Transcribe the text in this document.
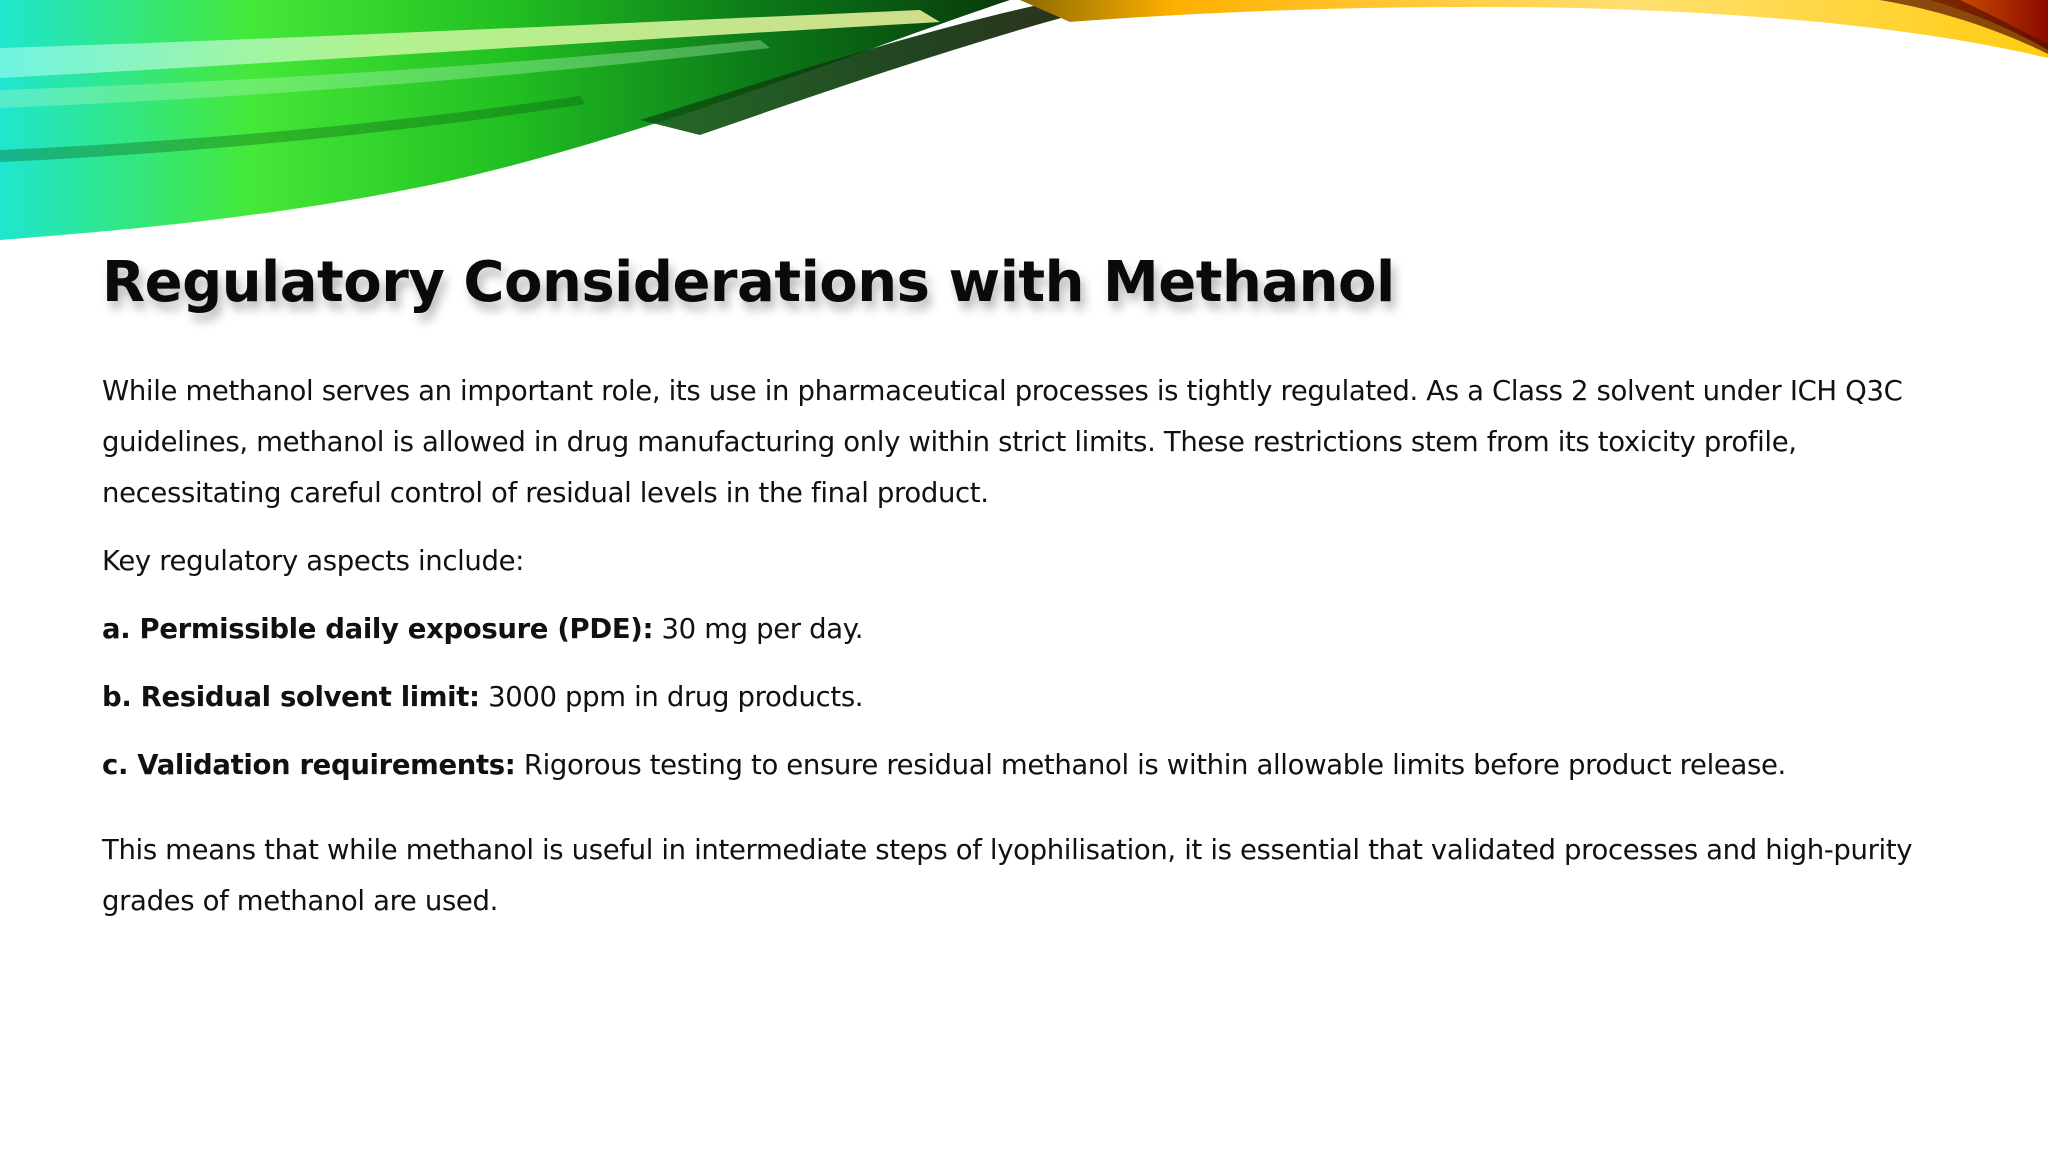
Regulatory Considerations with Methanol

While methanol serves an important role, its use in pharmaceutical processes is tightly regulated. As a Class 2 solvent under ICH Q3C guidelines, methanol is allowed in drug manufacturing only within strict limits. These restrictions stem from its toxicity profile, necessitating careful control of residual levels in the final product.

Key regulatory aspects include:

a. Permissible daily exposure (PDE): 30 mg per day.

b. Residual solvent limit: 3000 ppm in drug products.

c. Validation requirements: Rigorous testing to ensure residual methanol is within allowable limits before product release.

This means that while methanol is useful in intermediate steps of lyophilisation, it is essential that validated processes and high-purity grades of methanol are used.
